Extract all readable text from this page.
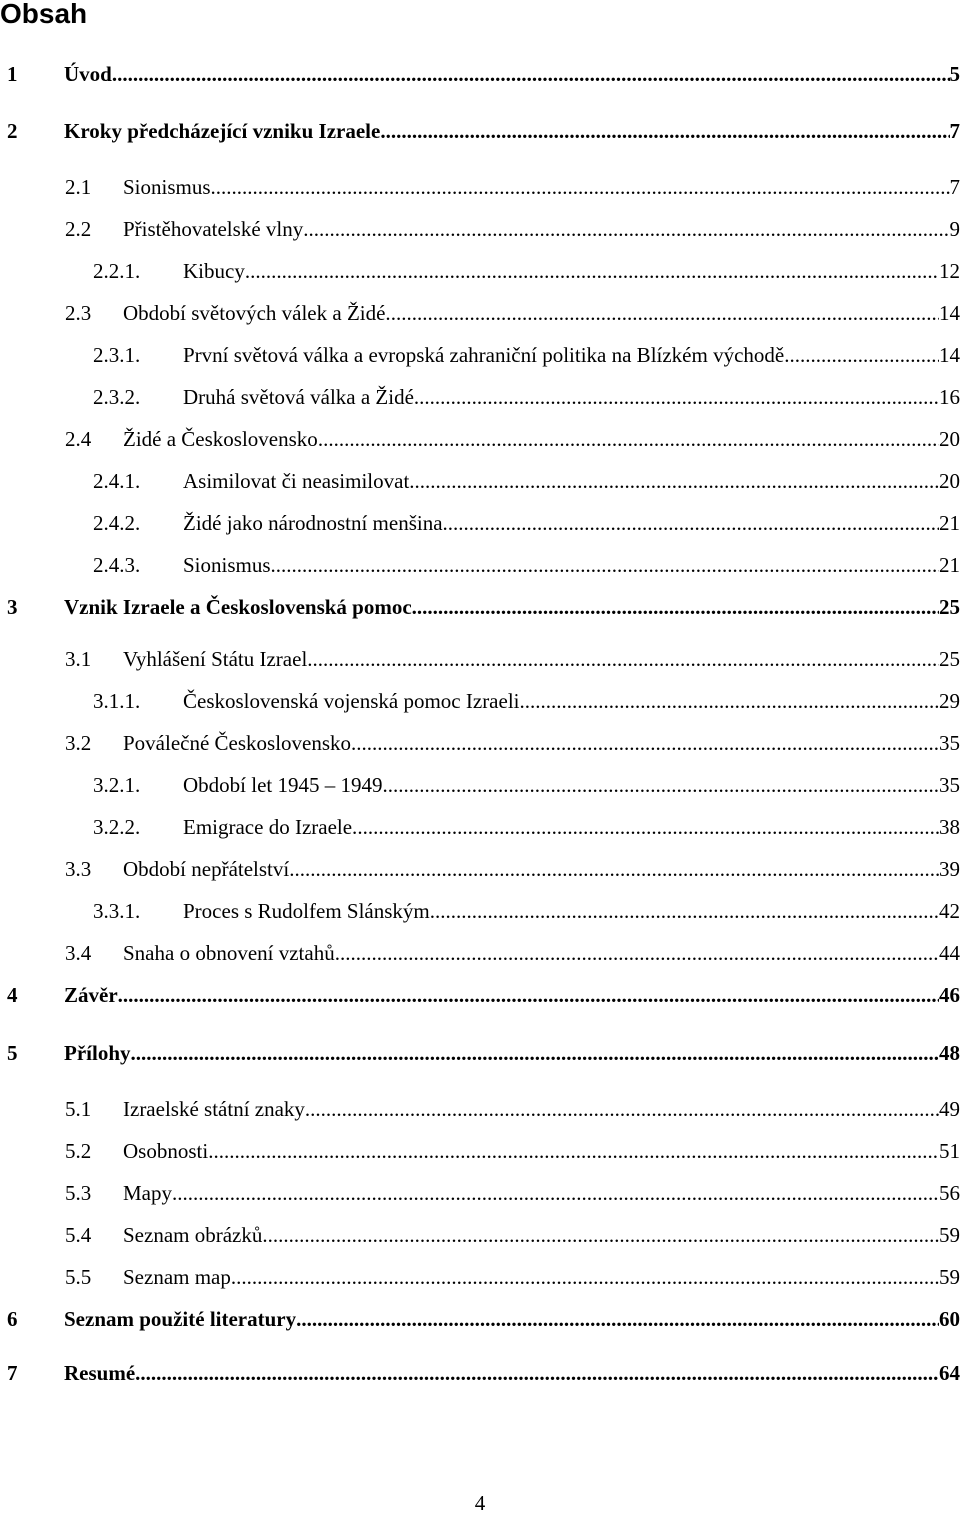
Obsah
1	Úvod .....	5
2	Kroky předcházející vzniku Izraele. .....	7
2.1	Sionismus .....	7
2.2	Přistěhovatelské vlny .....	9
2.2.1.	Kibucy .....	12
2.3	Období světových válek a Židé. .....	14
2.3.1.	První světová válka a evropská zahraniční politika na Blízkém východě .....	14
2.3.2.	Druhá světová válka a Židé. .....	16
2.4	Židé a Československo .....	20
2.4.1.	Asimilovat či neasimilovat .....	20
2.4.2.	Židé jako národnostní menšina .....	21
2.4.3.	Sionismus .....	21
3	Vznik Izraele a Československá pomoc. .....	25
3.1	Vyhlášení Státu Izrael. .....	25
3.1.1.	Československá vojenská pomoc Izraeli .....	29
3.2	Poválečné Československo .....	35
3.2.1.	Období let 1945 – 1949. .....	35
3.2.2.	Emigrace do Izraele. .....	38
3.3	Období nepřátelství .....	39
3.3.1.	Proces s Rudolfem Slánským .....	42
3.4	Snaha o obnovení vztahů. .....	44
4	Závěr .....	46
5	Přílohy .....	48
5.1	Izraelské státní znaky .....	49
5.2	Osobnosti .....	51
5.3	Mapy .....	56
5.4	Seznam obrázků .....	59
5.5	Seznam map .....	59
6	Seznam použité literatury .....	60
7	Resumé .....	64
4
